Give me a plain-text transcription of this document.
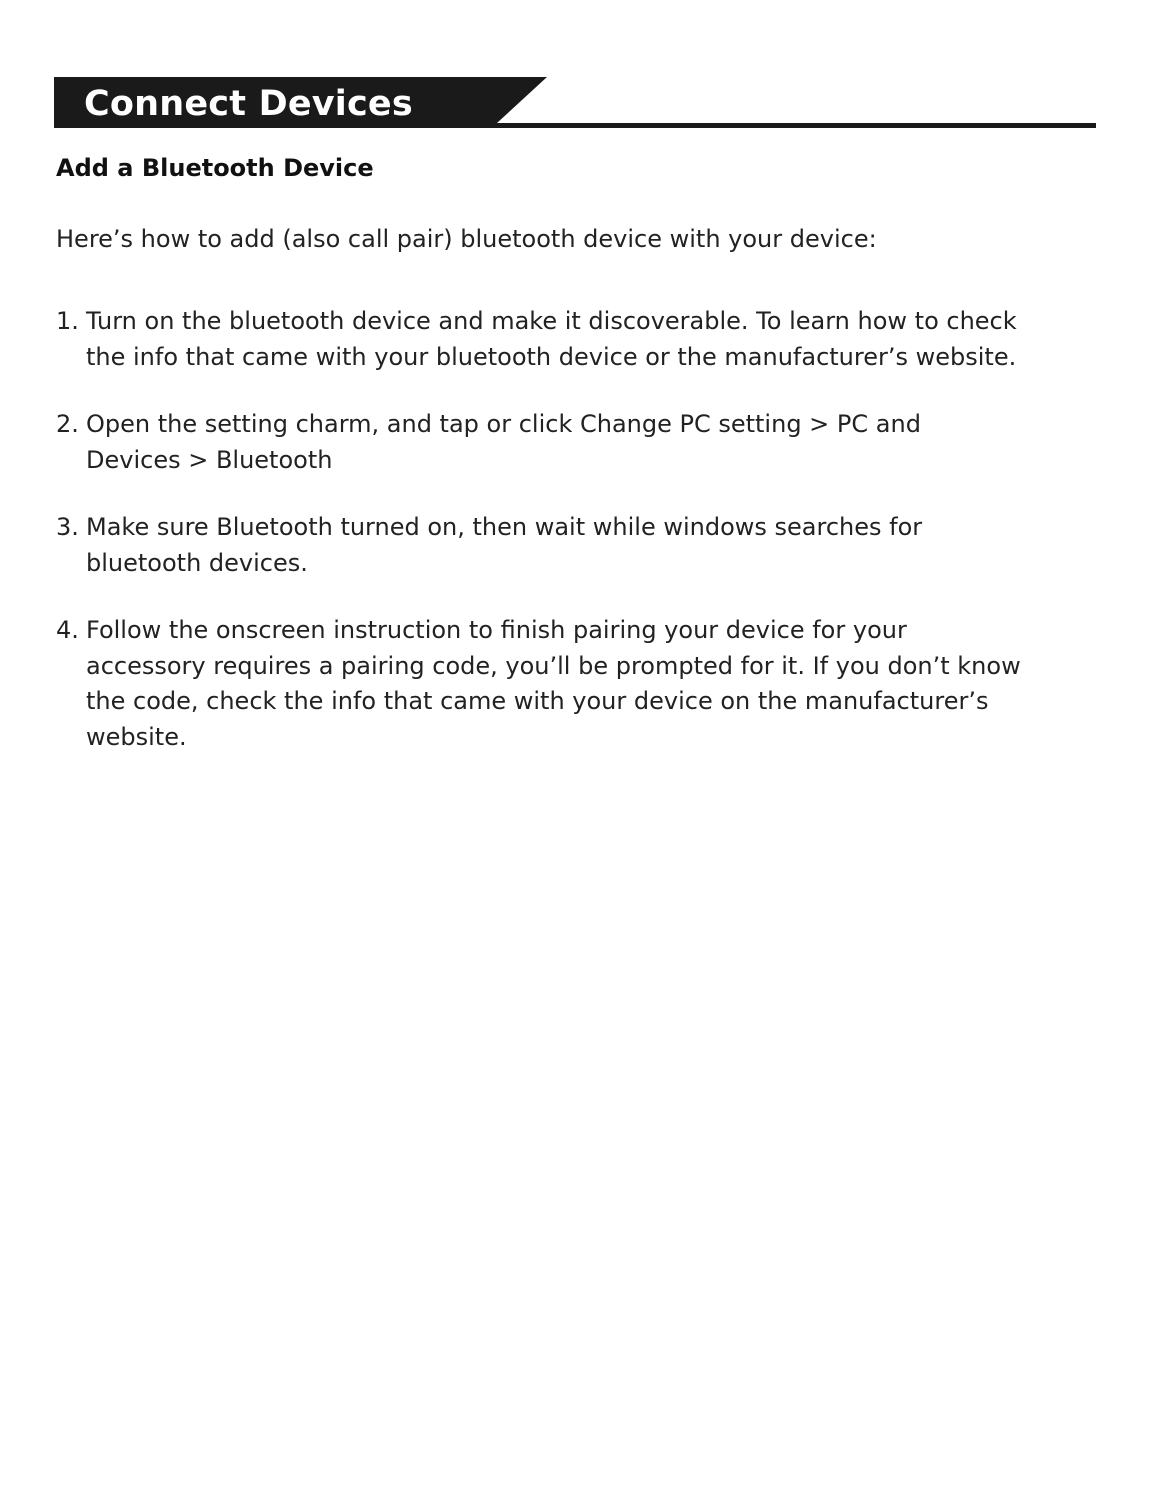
Connect Devices
Add a Bluetooth Device

Here’s how to add (also call pair) bluetooth device with your device:

1. Turn on the bluetooth device and make it discoverable. To learn how to check
the info that came with your bluetooth device or the manufacturer’s website.
2. Open the setting charm, and tap or click Change PC setting > PC and
Devices > Bluetooth
3. Make sure Bluetooth turned on, then wait while windows searches for
bluetooth devices.
4. Follow the onscreen instruction to finish pairing your device for your
accessory requires a pairing code, you’ll be prompted for it. If you don’t know
the code, check the info that came with your device on the manufacturer’s
website.
